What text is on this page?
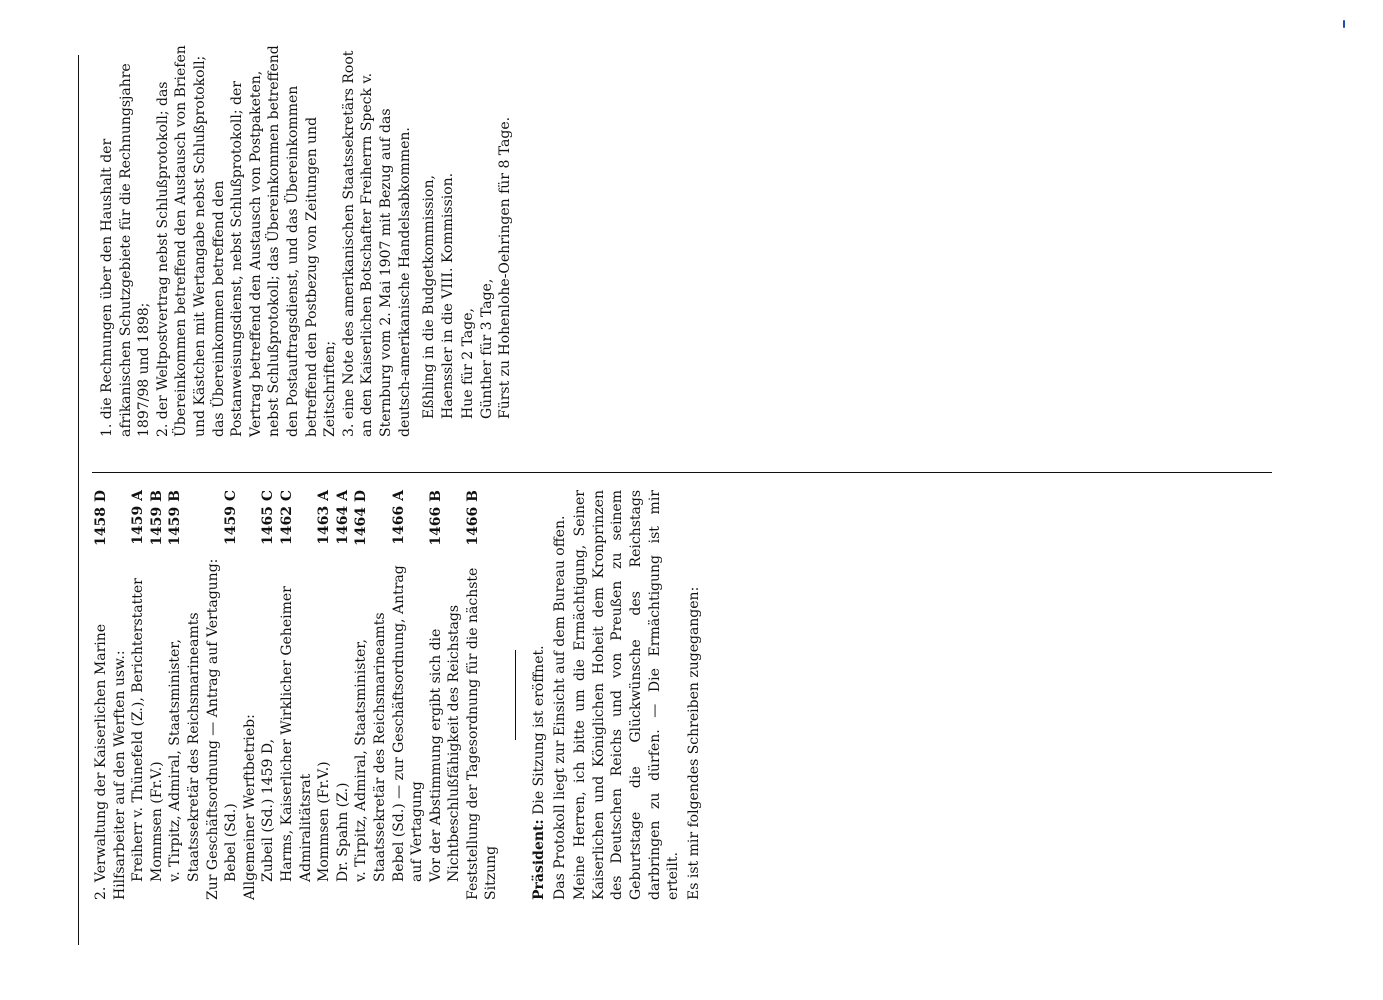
2. Verwaltung der Kaiserlichen Marine
1458 D
Hilfsarbeiter auf den Werften usw.: Freiherr v. Thünefeld (Z.), Berichterstatter
1459 A
Mommsen (Fr.V.)
1459 B
v. Tirpitz, Admiral, Staatsminister, Staatssekretär des Reichsmarineamts
1459 B
Zur Geschäftsordnung — Antrag auf Vertagung: Bebel (Sd.)
1459 C
Allgemeiner Werftbetrieb: Zubeil (Sd.) 1459 D,
1465 C
Harms, Kaiserlicher Wirklicher Geheimer Admiralitätsrat
1462 C
Mommsen (Fr.V.)
1463 A
Dr. Spahn (Z.)
1464 A
v. Tirpitz, Admiral, Staatsminister, Staatssekretär des Reichsmarineamts
1464 D
Bebel (Sd.) — zur Geschäftsordnung, Antrag auf Vertagung
1466 A
Vor der Abstimmung ergibt sich die Nichtbeschlußfähigkeit des Reichstags
1466 B
Feststellung der Tagesordnung für die nächste Sitzung
1466 B

Präsident: Die Sitzung ist eröffnet. Das Protokoll liegt zur Einsicht auf dem Bureau offen. Meine Herren, ich bitte um die Ermächtigung, Seiner Kaiserlichen und Königlichen Hoheit dem Kronprinzen des Deutschen Reichs und von Preußen zu seinem Geburtstage die Glückwünsche des Reichstags darbringen zu dürfen. — Die Ermächtigung ist mir erteilt. Es ist mir folgendes Schreiben zugegangen:

1. die Rechnungen über den Haushalt der afrikanischen Schutzgebiete für die Rechnungsjahre 1897/98 und 1898; 2. der Weltpostvertrag nebst Schlußprotokoll; das Übereinkommen betreffend den Austausch von Briefen und Kästchen mit Wertangabe nebst Schlußprotokoll; das Übereinkommen betreffend den Postanweisungsdienst, nebst Schlußprotokoll; der Vertrag betreffend den Austausch von Postpaketen, nebst Schlußprotokoll; das Übereinkommen betreffend den Postauftragsdienst, und das Übereinkommen betreffend den Postbezug von Zeitungen und Zeitschriften; 3. eine Note des amerikanischen Staatssekretärs Root an den Kaiserlichen Botschafter Freiherrn Speck v. Sternburg vom 2. Mai 1907 mit Bezug auf das deutsch-amerikanische Handelsabkommen. Eßhling in die Budgetkommission, Haenssler in die VIII. Kommission. Hue für 2 Tage, Günther für 3 Tage, Fürst zu Hohenlohe-Oehringen für 8 Tage.
